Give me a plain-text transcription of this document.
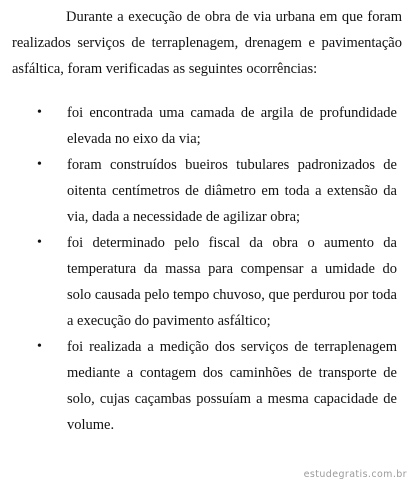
Durante a execução de obra de via urbana em que foram realizados serviços de terraplenagem, drenagem e pavimentação asfáltica, foram verificadas as seguintes ocorrências:

• foi encontrada uma camada de argila de profundidade elevada no eixo da via;
• foram construídos bueiros tubulares padronizados de oitenta centímetros de diâmetro em toda a extensão da via, dada a necessidade de agilizar obra;
• foi determinado pelo fiscal da obra o aumento da temperatura da massa para compensar a umidade do solo causada pelo tempo chuvoso, que perdurou por toda a execução do pavimento asfáltico;
• foi realizada a medição dos serviços de terraplenagem mediante a contagem dos caminhões de transporte de solo, cujas caçambas possuíam a mesma capacidade de volume.
estudegratis.com.br
